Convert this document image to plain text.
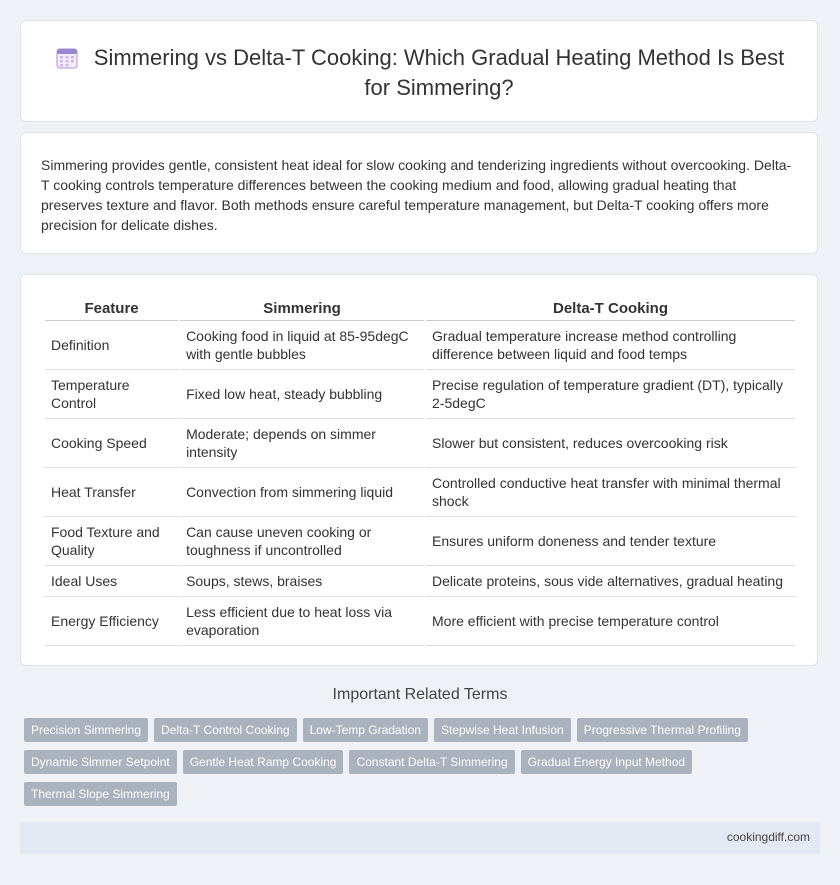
Simmering vs Delta-T Cooking: Which Gradual Heating Method Is Best for Simmering?

Simmering provides gentle, consistent heat ideal for slow cooking and tenderizing ingredients without overcooking. Delta-T cooking controls temperature differences between the cooking medium and food, allowing gradual heating that preserves texture and flavor. Both methods ensure careful temperature management, but Delta-T cooking offers more precision for delicate dishes.

Feature	Simmering	Delta-T Cooking
Definition	Cooking food in liquid at 85-95degC with gentle bubbles	Gradual temperature increase method controlling difference between liquid and food temps
Temperature Control	Fixed low heat, steady bubbling	Precise regulation of temperature gradient (DT), typically 2-5degC
Cooking Speed	Moderate; depends on simmer intensity	Slower but consistent, reduces overcooking risk
Heat Transfer	Convection from simmering liquid	Controlled conductive heat transfer with minimal thermal shock
Food Texture and Quality	Can cause uneven cooking or toughness if uncontrolled	Ensures uniform doneness and tender texture
Ideal Uses	Soups, stews, braises	Delicate proteins, sous vide alternatives, gradual heating
Energy Efficiency	Less efficient due to heat loss via evaporation	More efficient with precise temperature control
Important Related Terms
Precision Simmering Delta-T Control Cooking Low-Temp Gradation Stepwise Heat Infusion Progressive Thermal Profiling
Dynamic Simmer Setpoint Gentle Heat Ramp Cooking Constant Delta-T Simmering Gradual Energy Input Method
Thermal Slope Simmering
cookingdiff.com
